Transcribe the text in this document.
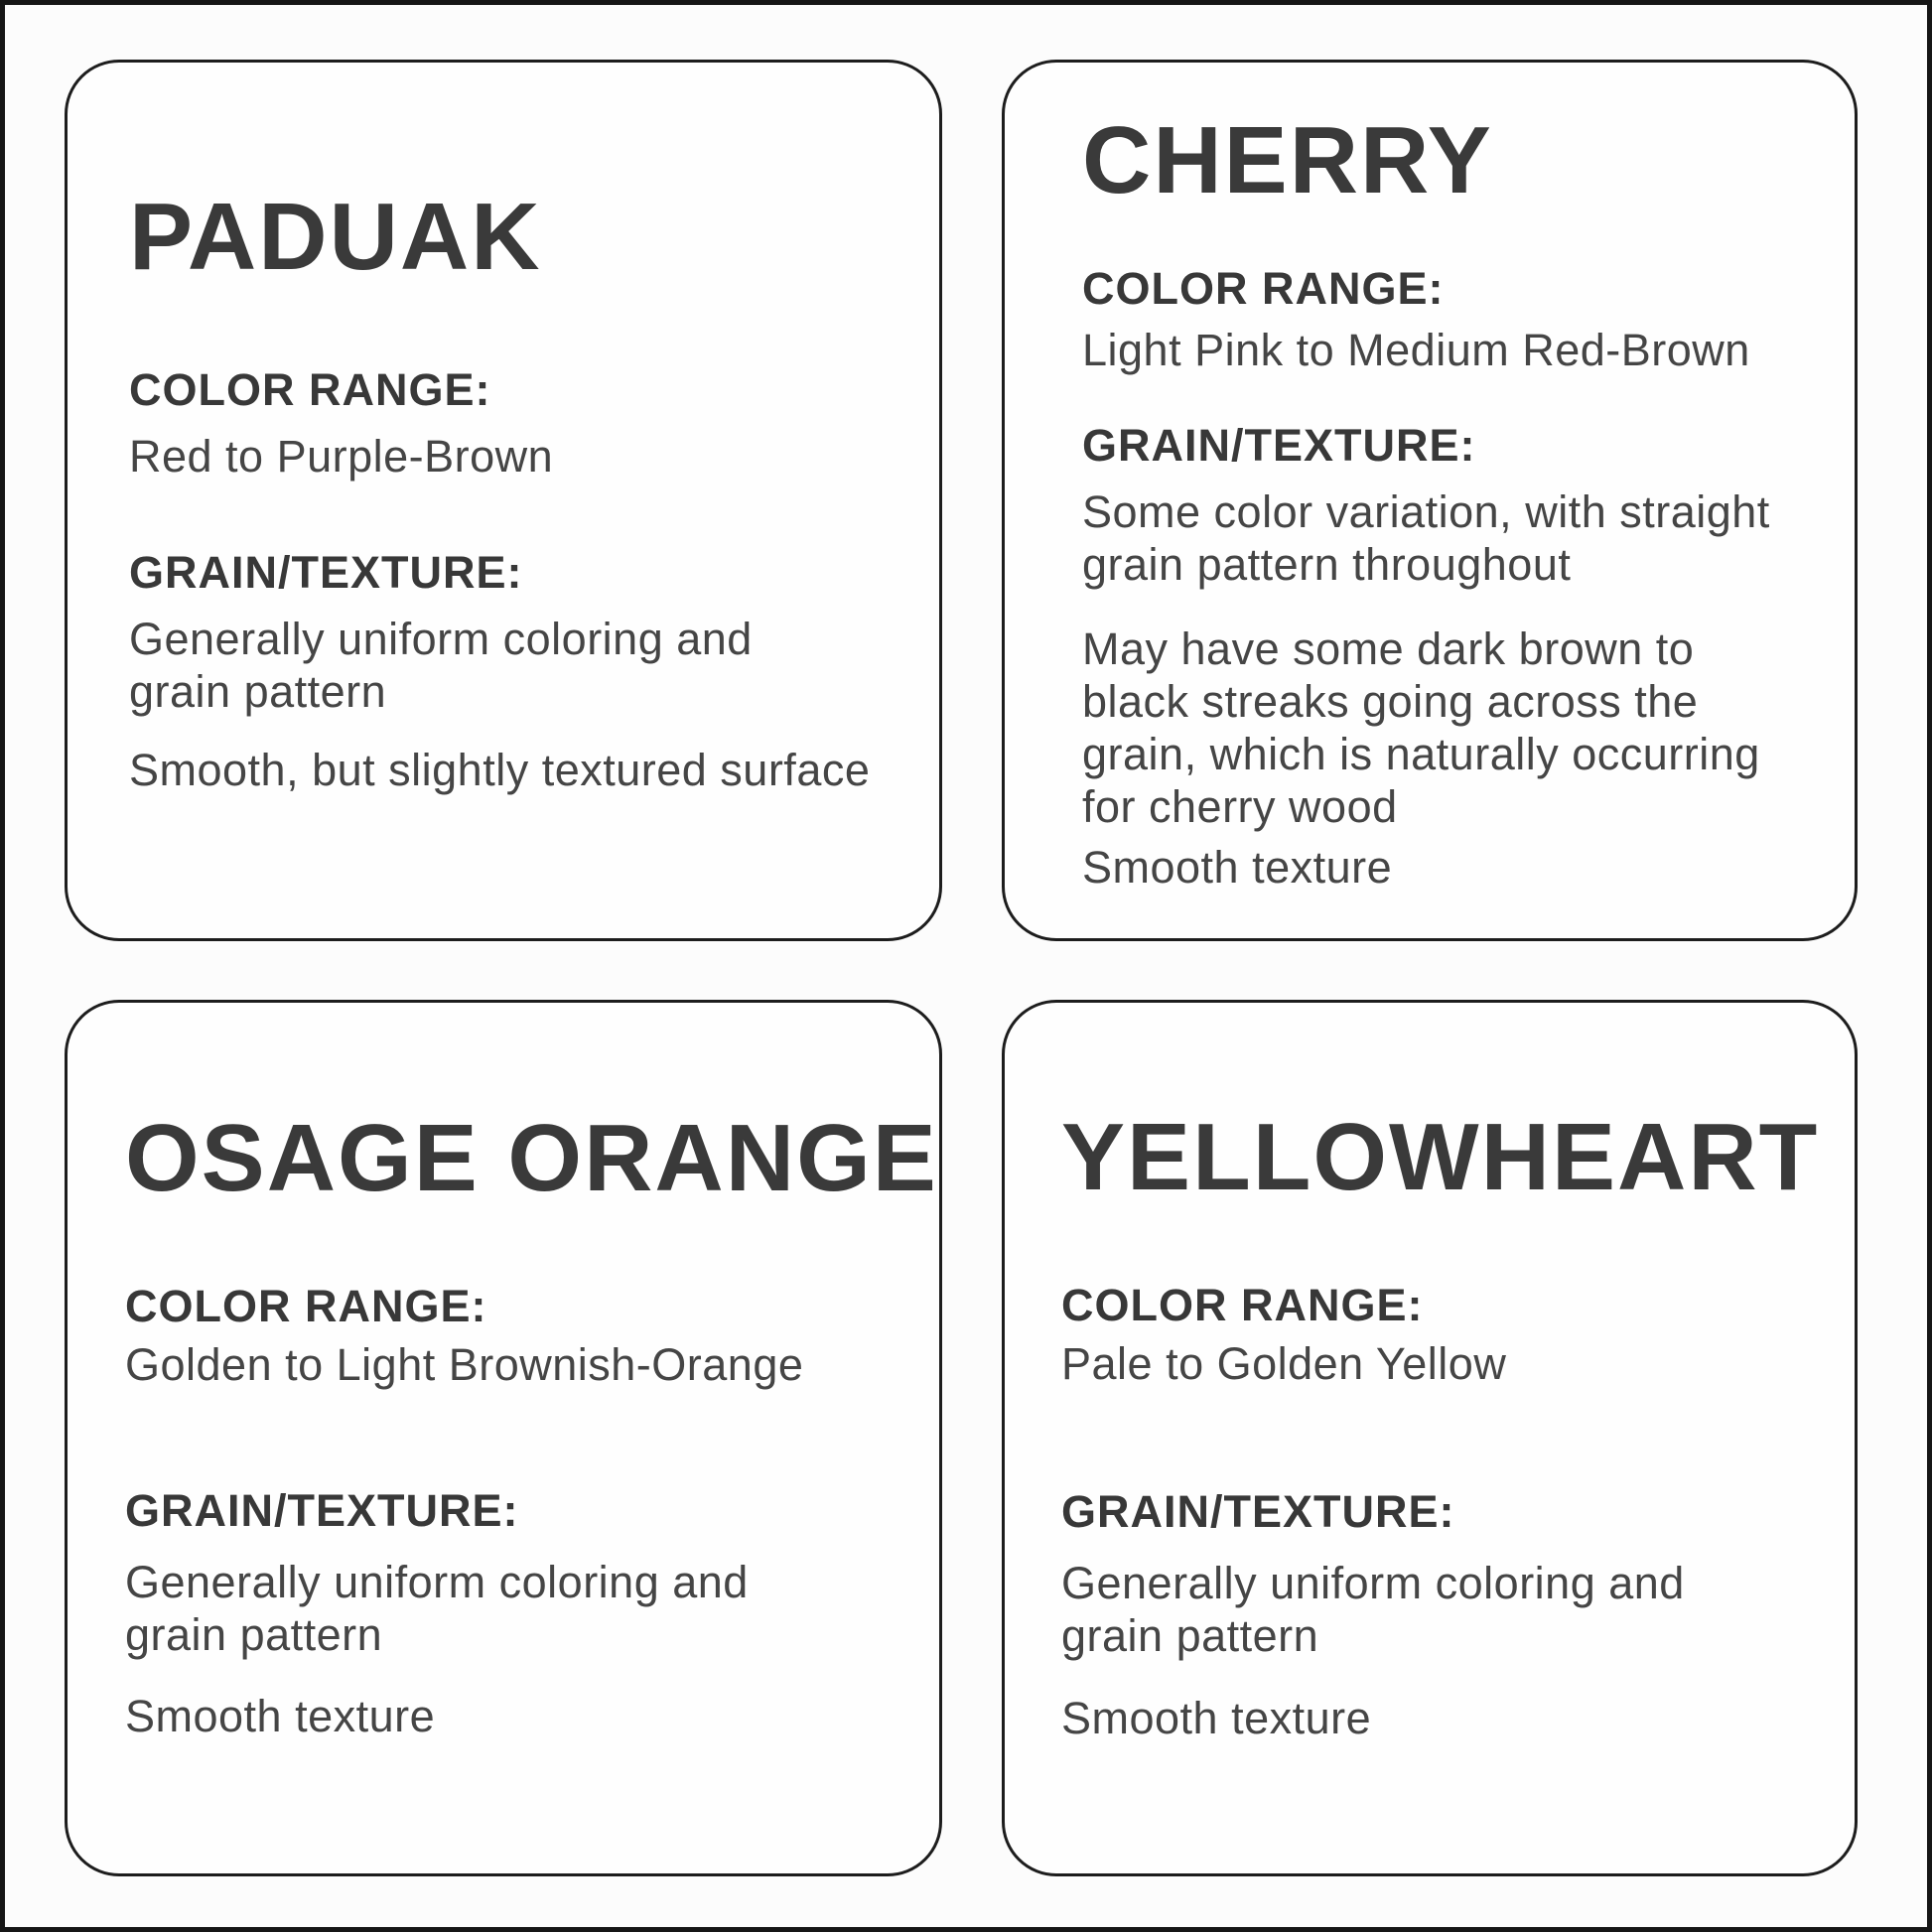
PADUAK
COLOR RANGE:
Red to Purple-Brown
GRAIN/TEXTURE:
Generally uniform coloring and
grain pattern
Smooth, but slightly textured surface
CHERRY
COLOR RANGE:
Light Pink to Medium Red-Brown
GRAIN/TEXTURE:
Some color variation, with straight
grain pattern throughout
May have some dark brown to
black streaks going across the
grain, which is naturally occurring
for cherry wood
Smooth texture
OSAGE ORANGE
COLOR RANGE:
Golden to Light Brownish-Orange
GRAIN/TEXTURE:
Generally uniform coloring and
grain pattern
Smooth texture
YELLOWHEART
COLOR RANGE:
Pale to Golden Yellow
GRAIN/TEXTURE:
Generally uniform coloring and
grain pattern
Smooth texture
